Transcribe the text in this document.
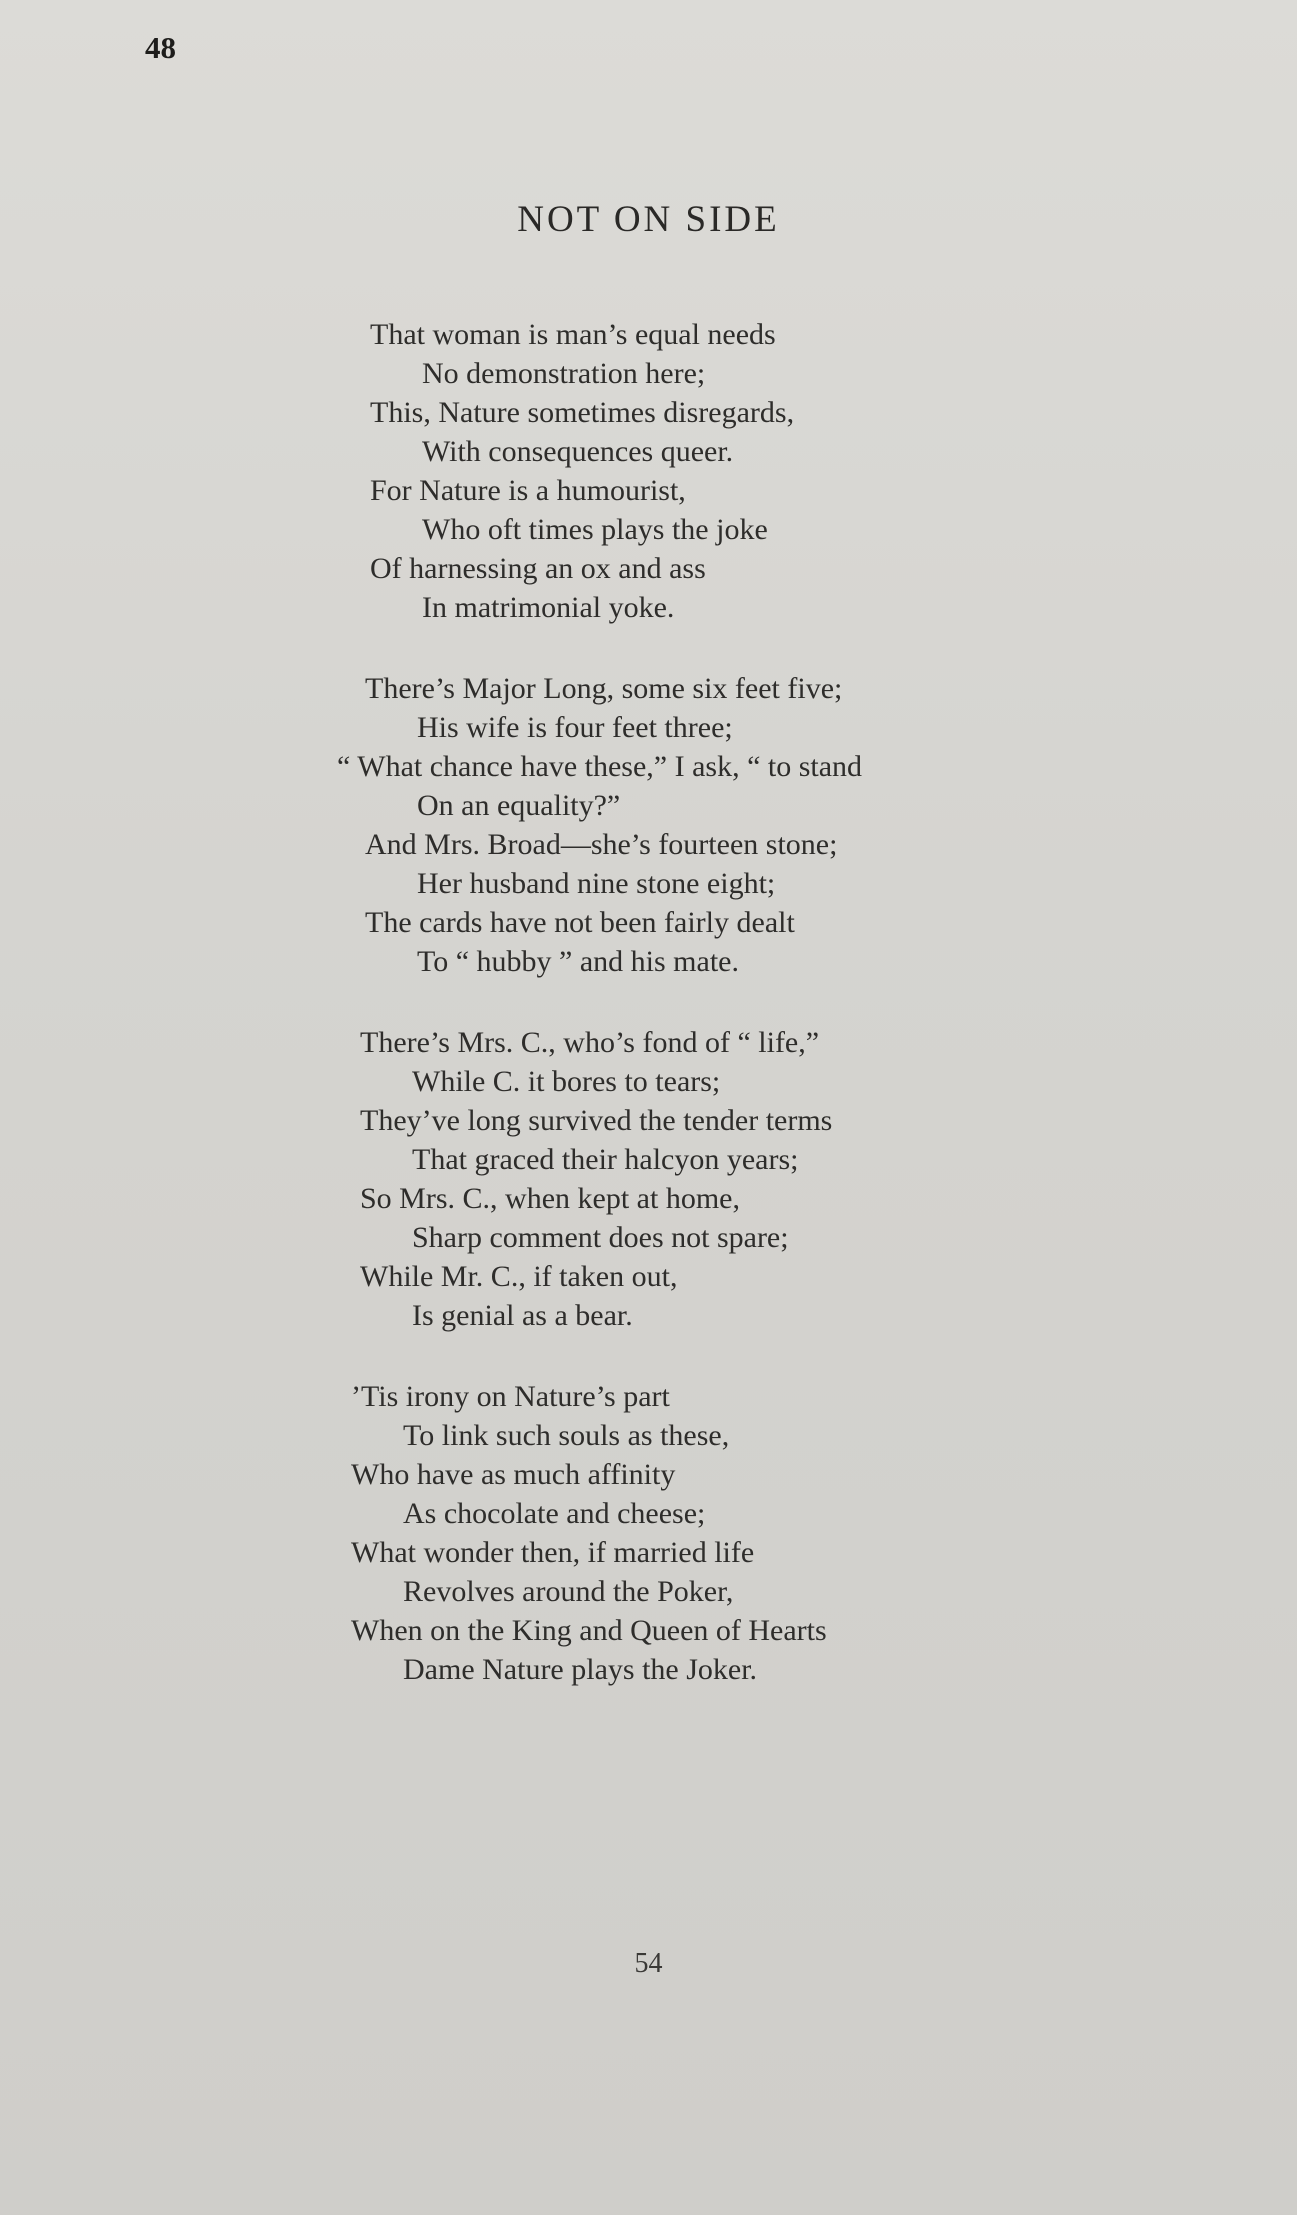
48
NOT ON SIDE
That woman is man’s equal needs
No demonstration here;
This, Nature sometimes disregards,
With consequences queer.
For Nature is a humourist,
Who oft times plays the joke
Of harnessing an ox and ass
In matrimonial yoke.
There’s Major Long, some six feet five;
His wife is four feet three;
“ What chance have these,” I ask, “ to stand
On an equality?”
And Mrs. Broad—she’s fourteen stone;
Her husband nine stone eight;
The cards have not been fairly dealt
To “ hubby ” and his mate.
There’s Mrs. C., who’s fond of “ life,”
While C. it bores to tears;
They’ve long survived the tender terms
That graced their halcyon years;
So Mrs. C., when kept at home,
Sharp comment does not spare;
While Mr. C., if taken out,
Is genial as a bear.
’Tis irony on Nature’s part
To link such souls as these,
Who have as much affinity
As chocolate and cheese;
What wonder then, if married life
Revolves around the Poker,
When on the King and Queen of Hearts
Dame Nature plays the Joker.
54
